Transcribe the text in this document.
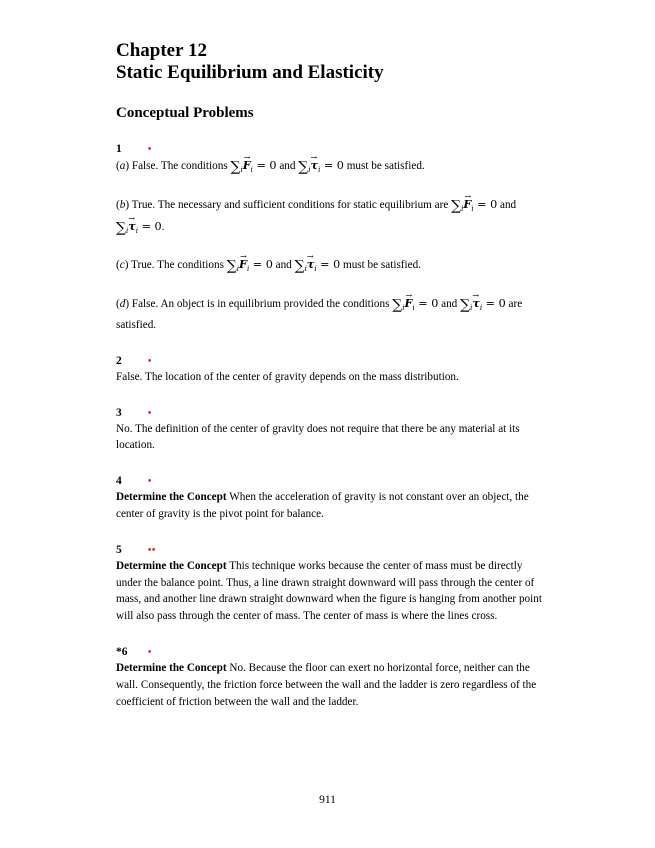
Chapter 12
Static Equilibrium and Elasticity
Conceptual Problems
1	•

(a) False. The conditions $\sum_i\to F_i = 0$ and $\sum_i\to \tau_i = 0$ must be satisfied.

(b) True. The necessary and sufficient conditions for static equilibrium are $\sum_i\to F_i = 0$ and
$\sum_i\to \tau_i = 0$.

(c) True. The conditions $\sum_i\to F_i = 0$ and $\sum_i\to \tau_i = 0$ must be satisfied.

(d) False. An object is in equilibrium provided the conditions $\sum_i\to F_i = 0$ and $\sum_i\to \tau_i = 0$ are satisfied.

2	•

False. The location of the center of gravity depends on the mass distribution.

3	•

No. The definition of the center of gravity does not require that there be any material at its location.

4	•

Determine the Concept When the acceleration of gravity is not constant over an object, the center of gravity is the pivot point for balance.

5	••

Determine the Concept This technique works because the center of mass must be directly under the balance point. Thus, a line drawn straight downward will pass through the center of mass, and another line drawn straight downward when the figure is hanging from another point will also pass through the center of mass. The center of mass is where the lines cross.

*6 •

Determine the Concept No. Because the floor can exert no horizontal force, neither can the wall. Consequently, the friction force between the wall and the ladder is zero regardless of the coefficient of friction between the wall and the ladder.

911
